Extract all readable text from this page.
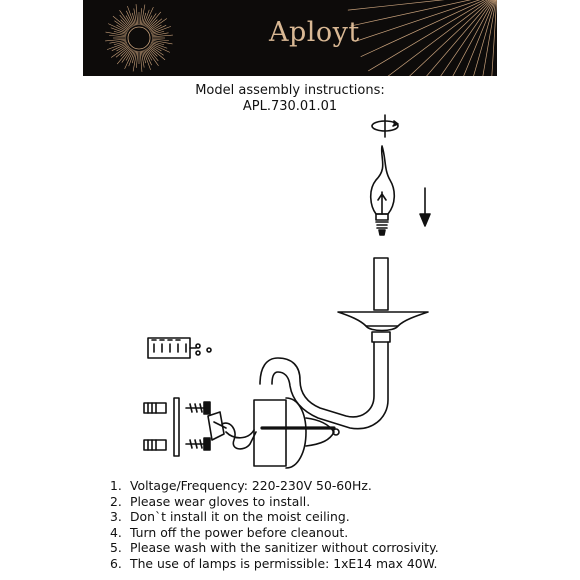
Aployt
Model assembly instructions:
APL.730.01.01
1. Voltage/Frequency: 220-230V 50-60Hz.
2. Please wear gloves to install.
3. Don`t install it on the moist ceiling.
4. Turn off the power before cleanout.
5. Please wash with the sanitizer without corrosivity.
6. The use of lamps is permissible: 1xE14 max 40W.
